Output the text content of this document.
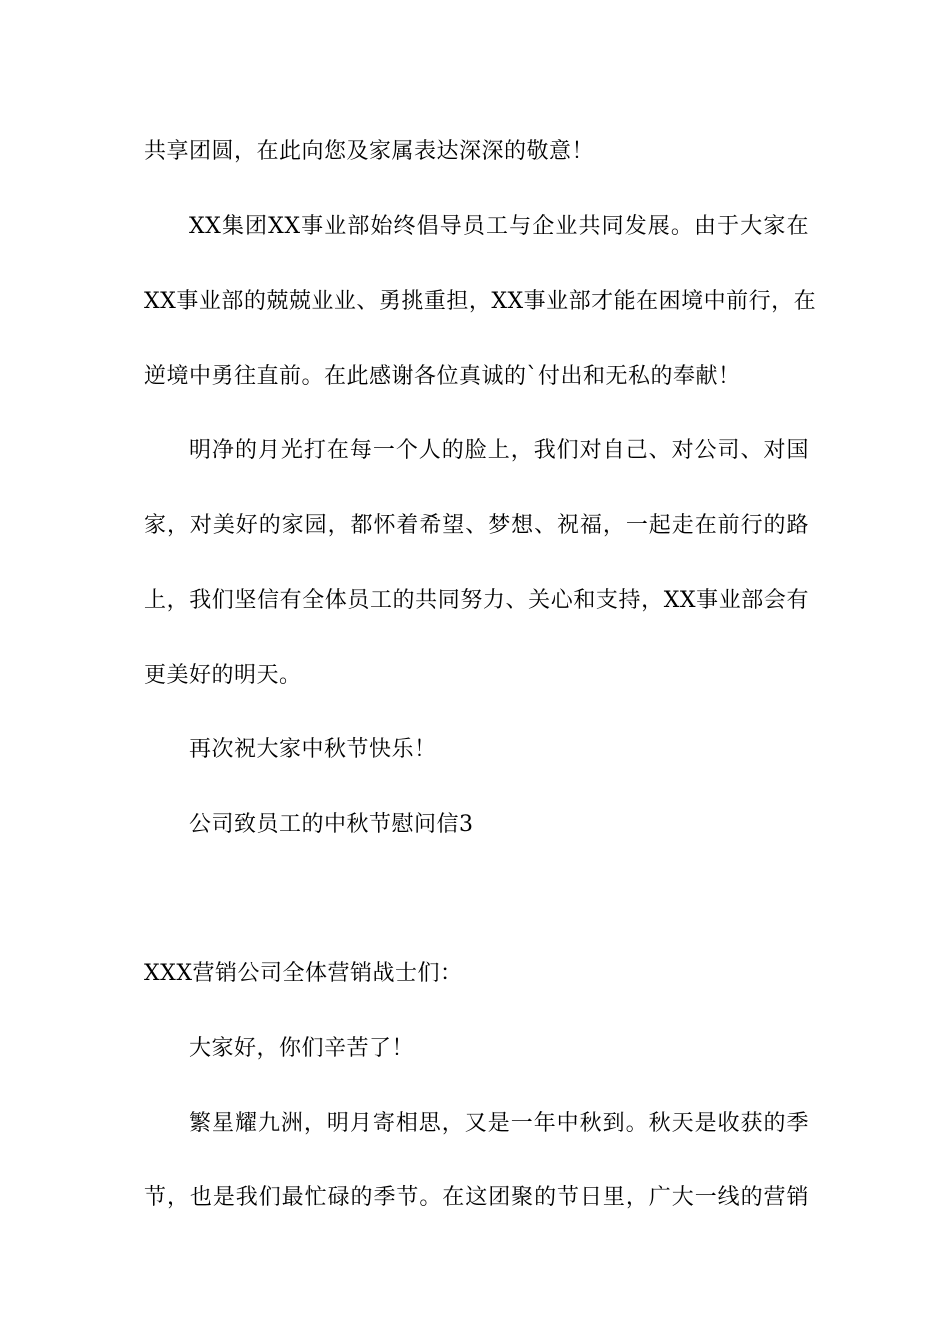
共享团圆，在此向您及家属表达深深的敬意！
XX集团XX事业部始终倡导员工与企业共同发展。由于大家在
XX事业部的兢兢业业、勇挑重担，XX事业部才能在困境中前行，在
逆境中勇往直前。在此感谢各位真诚的`付出和无私的奉献！
明净的月光打在每一个人的脸上，我们对自己、对公司、对国
家，对美好的家园，都怀着希望、梦想、祝福，一起走在前行的路
上，我们坚信有全体员工的共同努力、关心和支持，XX事业部会有
更美好的明天。
再次祝大家中秋节快乐！
公司致员工的中秋节慰问信3
XXX营销公司全体营销战士们：
大家好，你们辛苦了！
繁星耀九洲，明月寄相思，又是一年中秋到。秋天是收获的季
节，也是我们最忙碌的季节。在这团聚的节日里，广大一线的营销
